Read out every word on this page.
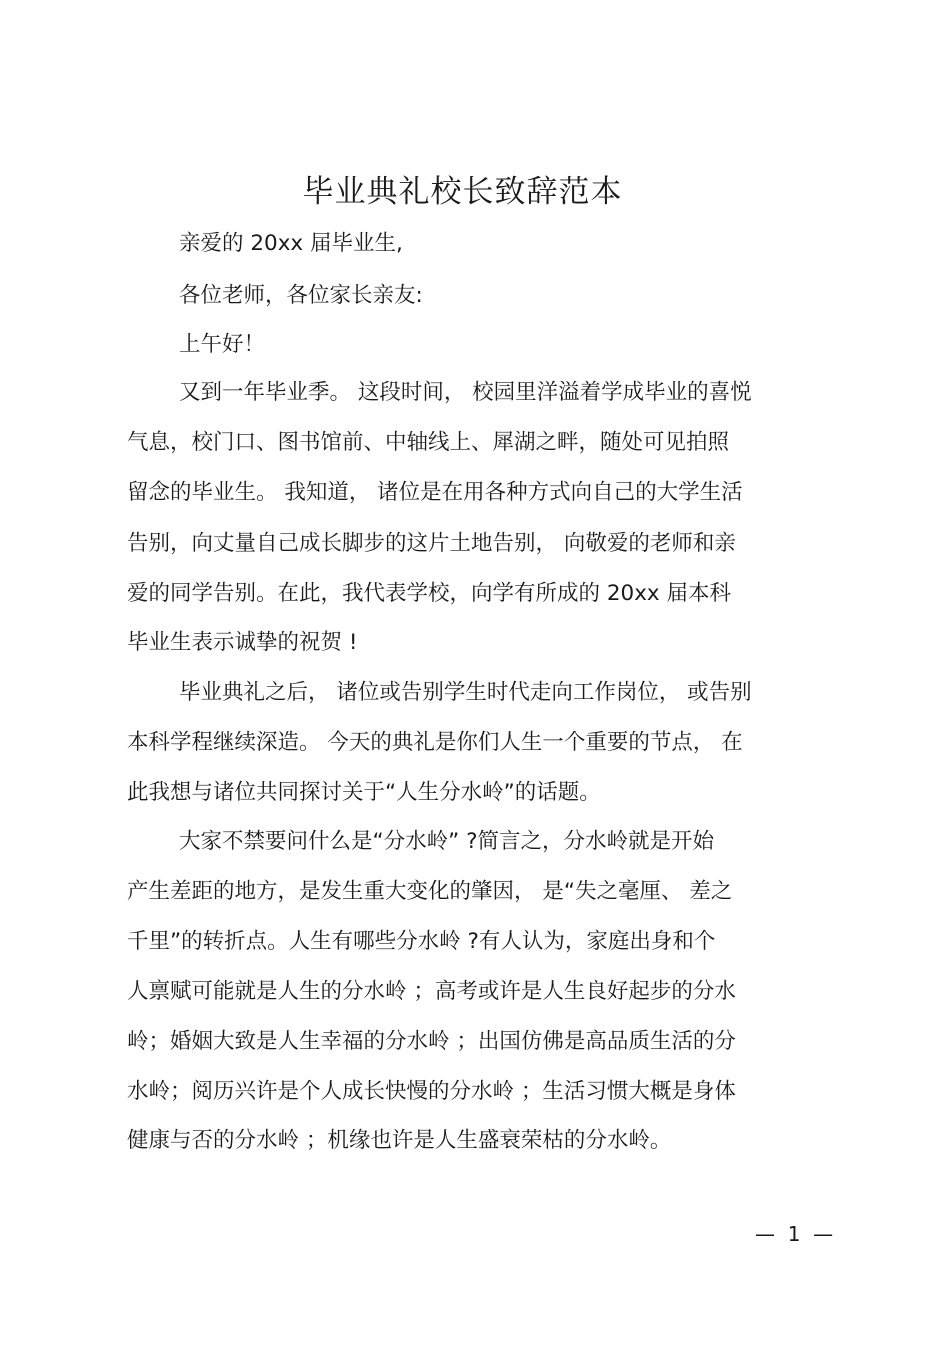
毕业典礼校长致辞范本
亲爱的 20xx 届毕业生,
各位老师，各位家长亲友:
上午好！
又到一年毕业季。 这段时间， 校园里洋溢着学成毕业的喜悦
气息，校门口、图书馆前、中轴线上、犀湖之畔，随处可见拍照
留念的毕业生。 我知道， 诸位是在用各种方式向自己的大学生活
告别，向丈量自己成长脚步的这片土地告别， 向敬爱的老师和亲
爱的同学告别。在此，我代表学校，向学有所成的 20xx 届本科
毕业生表示诚挚的祝贺 !
毕业典礼之后， 诸位或告别学生时代走向工作岗位， 或告别
本科学程继续深造。 今天的典礼是你们人生一个重要的节点， 在
此我想与诸位共同探讨关于“人生分水岭”的话题。
大家不禁要问什么是“分水岭” ?简言之，分水岭就是开始
产生差距的地方，是发生重大变化的肇因， 是“失之毫厘、 差之
千里”的转折点。人生有哪些分水岭 ?有人认为，家庭出身和个
人禀赋可能就是人生的分水岭 ；高考或许是人生良好起步的分水
岭；婚姻大致是人生幸福的分水岭 ；出国仿佛是高品质生活的分
水岭；阅历兴许是个人成长快慢的分水岭 ；生活习惯大概是身体
健康与否的分水岭 ；机缘也许是人生盛衰荣枯的分水岭。
—  1  —
